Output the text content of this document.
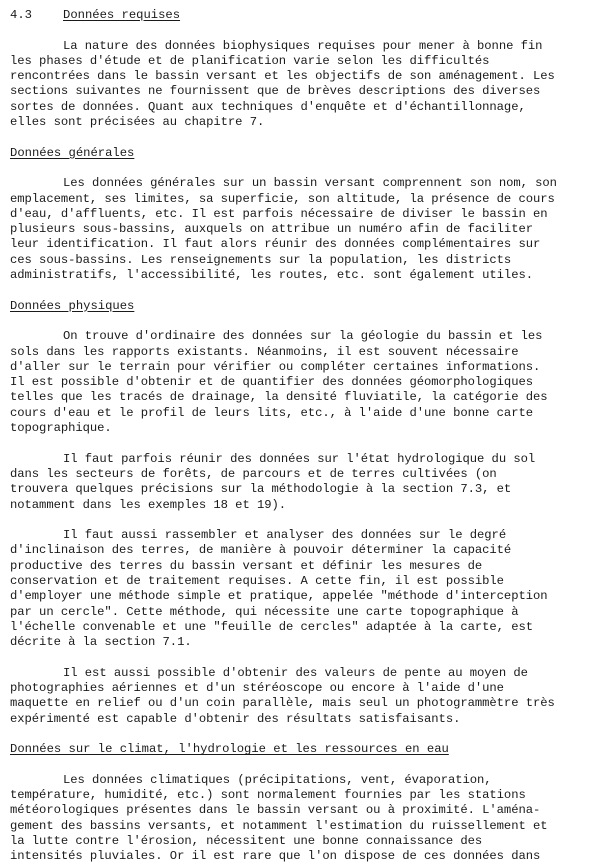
4.3	Données requises
La nature des données biophysiques requises pour mener à bonne fin
les phases d'étude et de planification varie selon les difficultés
rencontrées dans le bassin versant et les objectifs de son aménagement. Les
sections suivantes ne fournissent que de brèves descriptions des diverses
sortes de données. Quant aux techniques d'enquête et d'échantillonnage,
elles sont précisées au chapitre 7.
Données générales
Les données générales sur un bassin versant comprennent son nom, son
emplacement, ses limites, sa superficie, son altitude, la présence de cours
d'eau, d'affluents, etc. Il est parfois nécessaire de diviser le bassin en
plusieurs sous-bassins, auxquels on attribue un numéro afin de faciliter
leur identification. Il faut alors réunir des données complémentaires sur
ces sous-bassins. Les renseignements sur la population, les districts
administratifs, l'accessibilité, les routes, etc. sont également utiles.
Données physiques
On trouve d'ordinaire des données sur la géologie du bassin et les
sols dans les rapports existants. Néanmoins, il est souvent nécessaire
d'aller sur le terrain pour vérifier ou compléter certaines informations.
Il est possible d'obtenir et de quantifier des données géomorphologiques
telles que les tracés de drainage, la densité fluviatile, la catégorie des
cours d'eau et le profil de leurs lits, etc., à l'aide d'une bonne carte
topographique.
Il faut parfois réunir des données sur l'état hydrologique du sol
dans les secteurs de forêts, de parcours et de terres cultivées (on
trouvera quelques précisions sur la méthodologie à la section 7.3, et
notamment dans les exemples 18 et 19).
Il faut aussi rassembler et analyser des données sur le degré
d'inclinaison des terres, de manière à pouvoir déterminer la capacité
productive des terres du bassin versant et définir les mesures de
conservation et de traitement requises. A cette fin, il est possible
d'employer une méthode simple et pratique, appelée "méthode d'interception
par un cercle". Cette méthode, qui nécessite une carte topographique à
l'échelle convenable et une "feuille de cercles" adaptée à la carte, est
décrite à la section 7.1.
Il est aussi possible d'obtenir des valeurs de pente au moyen de
photographies aériennes et d'un stéréoscope ou encore à l'aide d'une
maquette en relief ou d'un coin parallèle, mais seul un photogrammètre très
expérimenté est capable d'obtenir des résultats satisfaisants.
Données sur le climat, l'hydrologie et les ressources en eau
Les données climatiques (précipitations, vent, évaporation,
température, humidité, etc.) sont normalement fournies par les stations
météorologiques présentes dans le bassin versant ou à proximité. L'aména-
gement des bassins versants, et notamment l'estimation du ruissellement et
la lutte contre l'érosion, nécessitent une bonne connaissance des
intensités pluviales. Or il est rare que l'on dispose de ces données dans
